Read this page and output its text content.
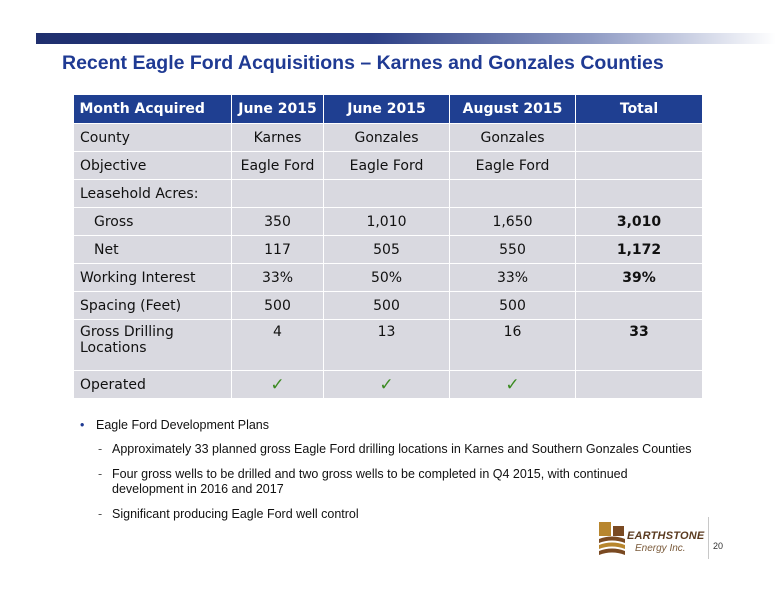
Recent Eagle Ford Acquisitions – Karnes and Gonzales Counties
Month Acquired	June 2015	June 2015	August 2015	Total
County	Karnes	Gonzales	Gonzales	
Objective	Eagle Ford	Eagle Ford	Eagle Ford	
Leasehold Acres:				
Gross	350	1,010	1,650	3,010
Net	117	505	550	1,172
Working Interest	33%	50%	33%	39%
Spacing (Feet)	500	500	500	
Gross Drilling Locations	4	13	16	33
Operated	✓	✓	✓	

• Eagle Ford Development Plans

- Approximately 33 planned gross Eagle Ford drilling locations in Karnes and Southern Gonzales Counties

- Four gross wells to be drilled and two gross wells to be completed in Q4 2015, with continued development in 2016 and 2017

- Significant producing Eagle Ford well control

EARTHSTONE
Energy Inc.	20
